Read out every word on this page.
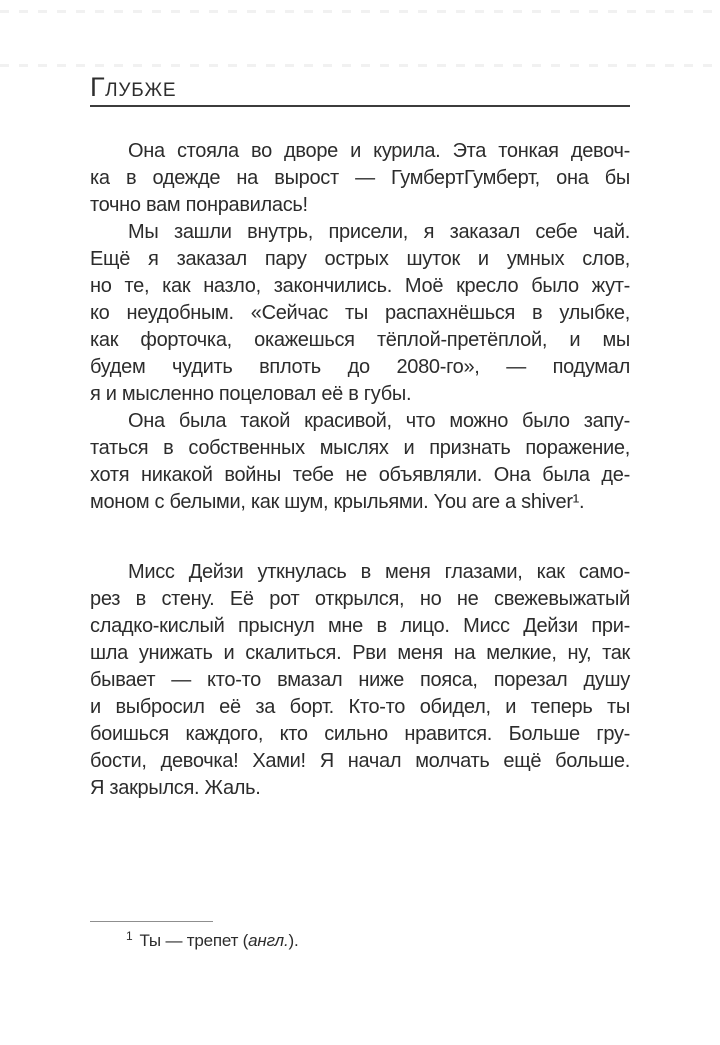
ГЛУБЖЕ
Она стояла во дворе и курила. Эта тонкая девоч-
ка в одежде на вырост — ГумбертГумберт, она бы
точно вам понравилась!
Мы зашли внутрь, присели, я заказал себе чай.
Ещё я заказал пару острых шуток и умных слов,
но те, как назло, закончились. Моё кресло было жут-
ко неудобным. «Сейчас ты распахнёшься в улыбке,
как форточка, окажешься тёплой-претёплой, и мы
будем чудить вплоть до 2080-го», — подумал
я и мысленно поцеловал её в губы.
Она была такой красивой, что можно было запу-
таться в собственных мыслях и признать поражение,
хотя никакой войны тебе не объявляли. Она была де-
моном с белыми, как шум, крыльями. You are a shiver¹.
Мисс Дейзи уткнулась в меня глазами, как само-
рез в стену. Её рот открылся, но не свежевыжатый
сладко-кислый прыснул мне в лицо. Мисс Дейзи при-
шла унижать и скалиться. Рви меня на мелкие, ну, так
бывает — кто-то вмазал ниже пояса, порезал душу
и выбросил её за борт. Кто-то обидел, и теперь ты
боишься каждого, кто сильно нравится. Больше гру-
бости, девочка! Хами! Я начал молчать ещё больше.
Я закрылся. Жаль.
$^1$ Ты — трепет (англ.).
